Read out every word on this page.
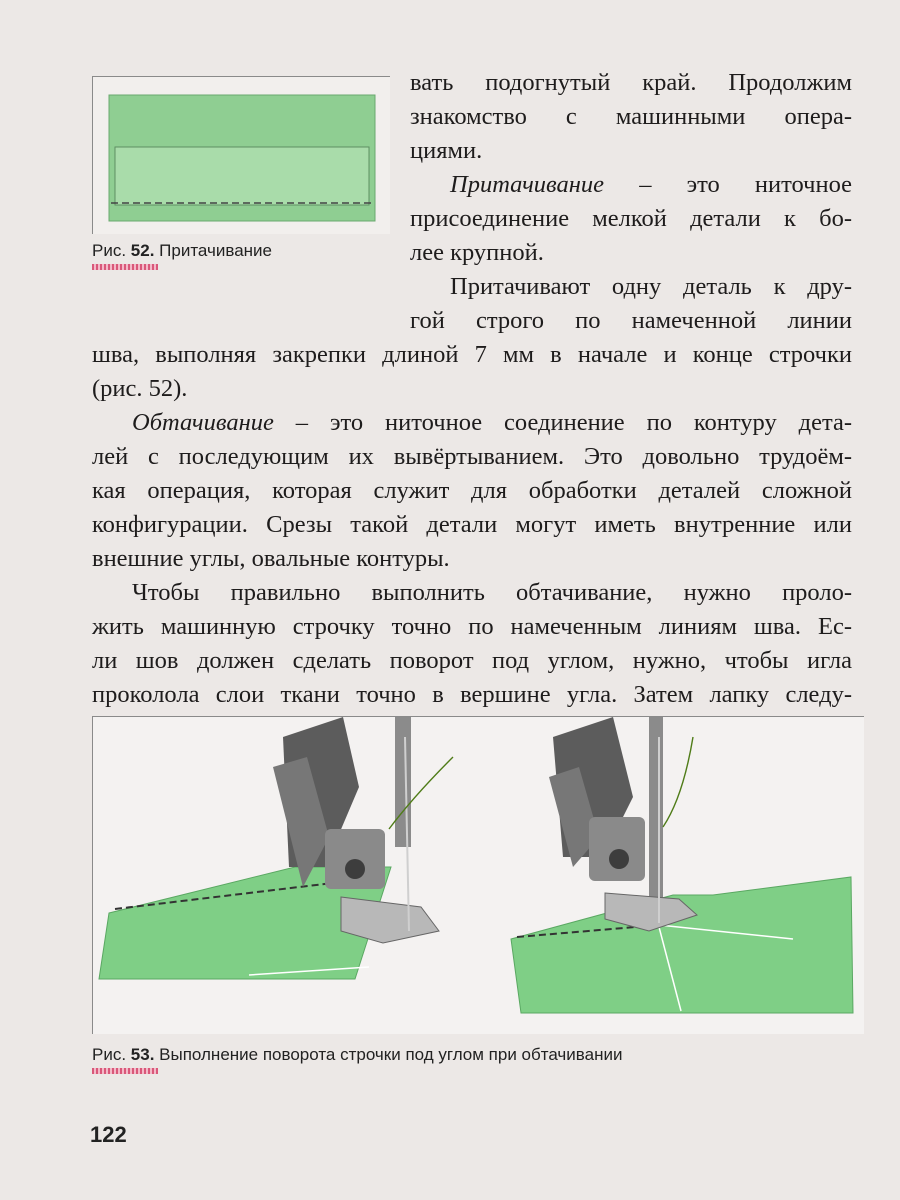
Рис. 52. Притачивание
вать подогнутый край. Продолжим
знакомство с машинными опера-
циями.
Притачивание – это ниточное
присоединение мелкой детали к бо-
лее крупной.
Притачивают одну деталь к дру-
гой строго по намеченной линии
шва, выполняя закрепки длиной 7 мм в начале и конце строчки
(рис. 52).
Обтачивание – это ниточное соединение по контуру дета-
лей с последующим их вывёртыванием. Это довольно трудоём-
кая операция, которая служит для обработки деталей сложной
конфигурации. Срезы такой детали могут иметь внутренние или
внешние углы, овальные контуры.
Чтобы правильно выполнить обтачивание, нужно проло-
жить машинную строчку точно по намеченным линиям шва. Ес-
ли шов должен сделать поворот под углом, нужно, чтобы игла
проколола слои ткани точно в вершине угла. Затем лапку следу-
Рис. 53. Выполнение поворота строчки под углом при обтачивании
122
